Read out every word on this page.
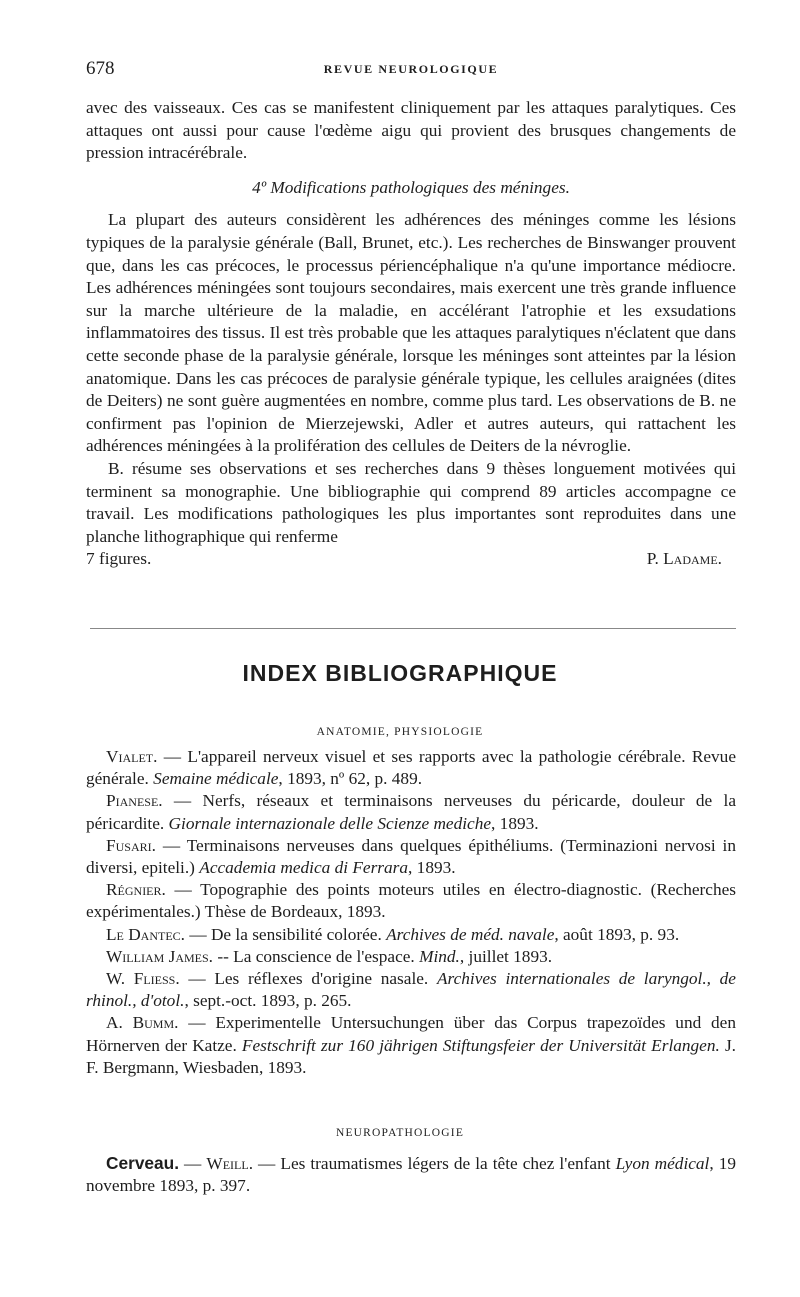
678	REVUE NEUROLOGIQUE

avec des vaisseaux. Ces cas se manifestent cliniquement par les attaques paralytiques. Ces attaques ont aussi pour cause l'œdème aigu qui provient des brusques changements de pression intracérébrale.

4º Modifications pathologiques des méninges.

La plupart des auteurs considèrent les adhérences des méninges comme les lésions typiques de la paralysie générale (Ball, Brunet, etc.). Les recherches de Binswanger prouvent que, dans les cas précoces, le processus périencéphalique n'a qu'une importance médiocre. Les adhérences méningées sont toujours secondaires, mais exercent une très grande influence sur la marche ultérieure de la maladie, en accélérant l'atrophie et les exsudations inflammatoires des tissus. Il est très probable que les attaques paralytiques n'éclatent que dans cette seconde phase de la paralysie générale, lorsque les méninges sont atteintes par la lésion anatomique. Dans les cas précoces de paralysie générale typique, les cellules araignées (dites de Deiters) ne sont guère augmentées en nombre, comme plus tard. Les observations de B. ne confirment pas l'opinion de Mierzejewski, Adler et autres auteurs, qui rattachent les adhérences méningées à la prolifération des cellules de Deiters de la névroglie.

B. résume ses observations et ses recherches dans 9 thèses longuement motivées qui terminent sa monographie. Une bibliographie qui comprend 89 articles accompagne ce travail. Les modifications pathologiques les plus importantes sont reproduites dans une planche lithographique qui renferme

7 figures.	P. Ladame.

INDEX BIBLIOGRAPHIQUE
ANATOMIE, PHYSIOLOGIE

Vialet. — L'appareil nerveux visuel et ses rapports avec la pathologie cérébrale. Revue générale. Semaine médicale, 1893, nº 62, p. 489.

Pianese. — Nerfs, réseaux et terminaisons nerveuses du péricarde, douleur de la péricardite. Giornale internazionale delle Scienze mediche, 1893.

Fusari. — Terminaisons nerveuses dans quelques épithéliums. (Terminazioni nervosi in diversi, epiteli.) Accademia medica di Ferrara, 1893.

Régnier. — Topographie des points moteurs utiles en électro-diagnostic. (Recherches expérimentales.) Thèse de Bordeaux, 1893.

Le Dantec. — De la sensibilité colorée. Archives de méd. navale, août 1893, p. 93.

William James. -- La conscience de l'espace. Mind., juillet 1893.

W. Fliess. — Les réflexes d'origine nasale. Archives internationales de laryngol., de rhinol., d'otol., sept.-oct. 1893, p. 265.

A. Bumm. — Experimentelle Untersuchungen über das Corpus trapezoïdes und den Hörnerven der Katze. Festschrift zur 160 jährigen Stiftungsfeier der Universität Erlangen. J. F. Bergmann, Wiesbaden, 1893.

NEUROPATHOLOGIE

Cerveau. — Weill. — Les traumatismes légers de la tête chez l'enfant Lyon médical, 19 novembre 1893, p. 397.
